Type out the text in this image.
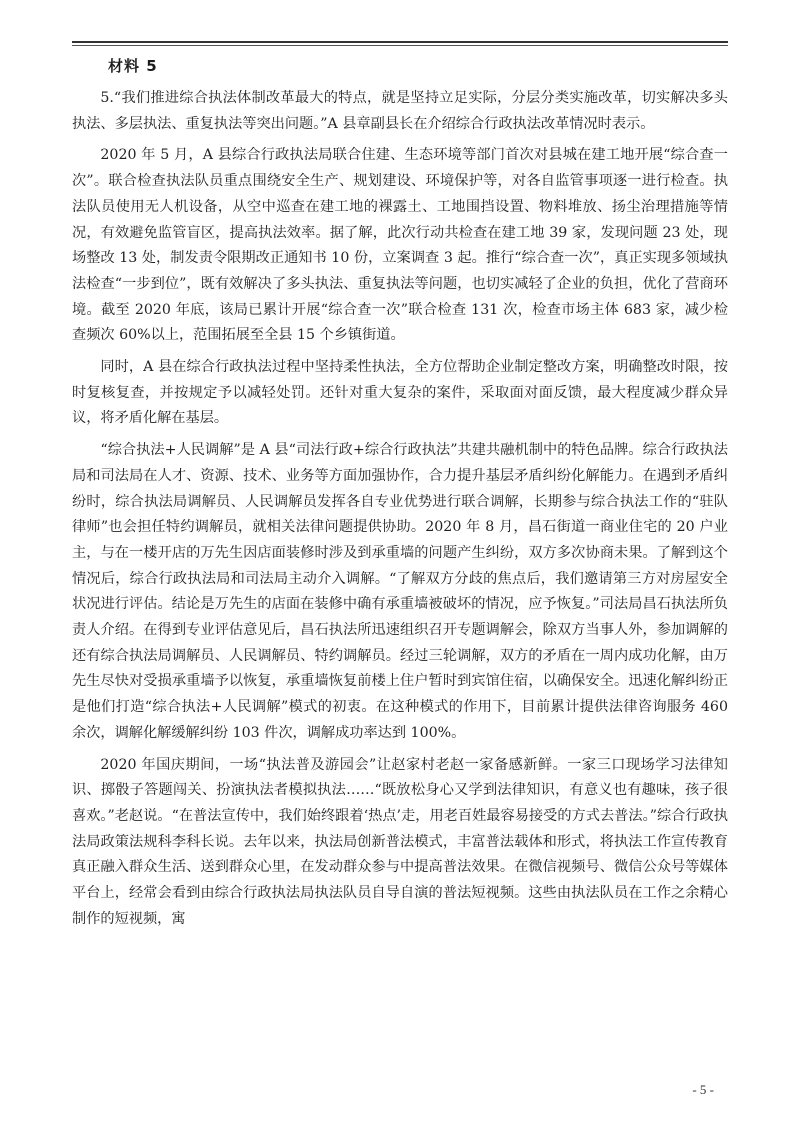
材料 5

5.“我们推进综合执法体制改革最大的特点，就是坚持立足实际，分层分类实施改革，切实解决多头执法、多层执法、重复执法等突出问题。”A 县章副县长在介绍综合行政执法改革情况时表示。

2020 年 5 月，A 县综合行政执法局联合住建、生态环境等部门首次对县城在建工地开展“综合查一次”。联合检查执法队员重点围绕安全生产、规划建设、环境保护等，对各自监管事项逐一进行检查。执法队员使用无人机设备，从空中巡查在建工地的裸露土、工地围挡设置、物料堆放、扬尘治理措施等情况，有效避免监管盲区，提高执法效率。据了解，此次行动共检查在建工地 39 家，发现问题 23 处，现场整改 13 处，制发责令限期改正通知书 10 份，立案调查 3 起。推行“综合查一次”，真正实现多领域执法检查“一步到位”，既有效解决了多头执法、重复执法等问题，也切实减轻了企业的负担，优化了营商环境。截至 2020 年底，该局已累计开展“综合查一次”联合检查 131 次，检查市场主体 683 家，减少检查频次 60%以上，范围拓展至全县 15 个乡镇街道。

同时，A 县在综合行政执法过程中坚持柔性执法，全方位帮助企业制定整改方案，明确整改时限，按时复核复查，并按规定予以减轻处罚。还针对重大复杂的案件，采取面对面反馈，最大程度减少群众异议，将矛盾化解在基层。

“综合执法+人民调解”是 A 县“司法行政+综合行政执法”共建共融机制中的特色品牌。综合行政执法局和司法局在人才、资源、技术、业务等方面加强协作，合力提升基层矛盾纠纷化解能力。在遇到矛盾纠纷时，综合执法局调解员、人民调解员发挥各自专业优势进行联合调解，长期参与综合执法工作的“驻队律师”也会担任特约调解员，就相关法律问题提供协助。2020 年 8 月，昌石街道一商业住宅的 20 户业主，与在一楼开店的万先生因店面装修时涉及到承重墙的问题产生纠纷，双方多次协商未果。了解到这个情况后，综合行政执法局和司法局主动介入调解。“了解双方分歧的焦点后，我们邀请第三方对房屋安全状况进行评估。结论是万先生的店面在装修中确有承重墙被破坏的情况，应予恢复。”司法局昌石执法所负责人介绍。在得到专业评估意见后，昌石执法所迅速组织召开专题调解会，除双方当事人外，参加调解的还有综合执法局调解员、人民调解员、特约调解员。经过三轮调解，双方的矛盾在一周内成功化解，由万先生尽快对受损承重墙予以恢复，承重墙恢复前楼上住户暂时到宾馆住宿，以确保安全。迅速化解纠纷正是他们打造“综合执法+人民调解”模式的初衷。在这种模式的作用下，目前累计提供法律咨询服务 460 余次，调解化解缓解纠纷 103 件次，调解成功率达到 100%。

2020 年国庆期间，一场“执法普及游园会”让赵家村老赵一家备感新鲜。一家三口现场学习法律知识、掷骰子答题闯关、扮演执法者模拟执法……“既放松身心又学到法律知识，有意义也有趣味，孩子很喜欢。”老赵说。“在普法宣传中，我们始终跟着‘热点’走，用老百姓最容易接受的方式去普法。”综合行政执法局政策法规科李科长说。去年以来，执法局创新普法模式，丰富普法载体和形式，将执法工作宣传教育真正融入群众生活、送到群众心里，在发动群众参与中提高普法效果。在微信视频号、微信公众号等媒体平台上，经常会看到由综合行政执法局执法队员自导自演的普法短视频。这些由执法队员在工作之余精心制作的短视频，寓

- 5 -
